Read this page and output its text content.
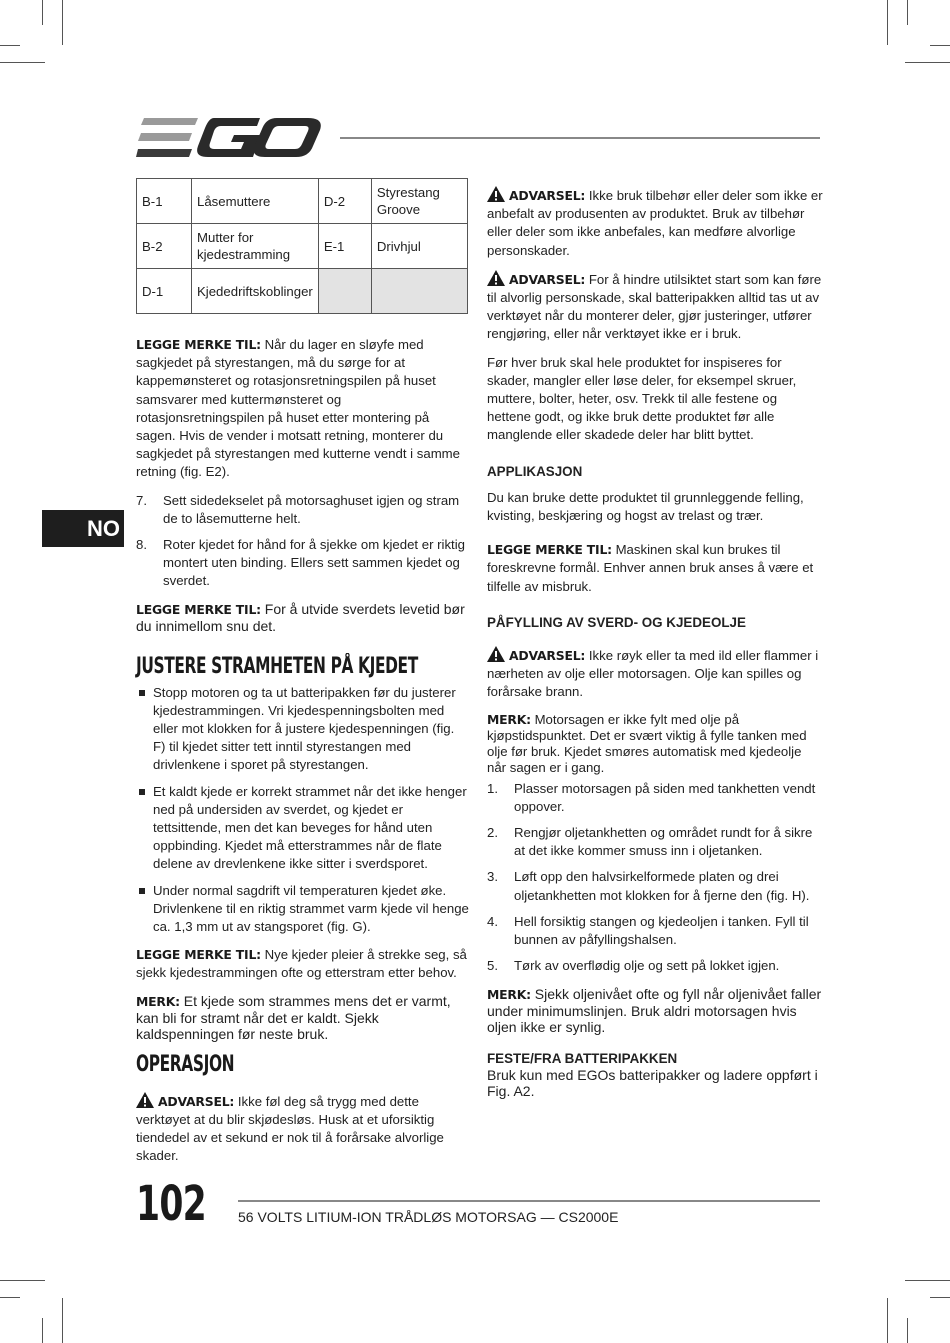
NO
B-1	Låsemuttere	D-2	Styrestang Groove
B-2	Mutter for kjedestramming	E-1	Drivhjul
D-1	Kjededriftskoblinger		

LEGGE MERKE TIL: Når du lager en sløyfe med sagkjedet på styrestangen, må du sørge for at kappemønsteret og rotasjonsretningspilen på huset samsvarer med kuttermønsteret og rotasjonsretningspilen på huset etter montering på sagen. Hvis de vender i motsatt retning, monterer du sagkjedet på styrestangen med kutterne vendt i samme retning (fig. E2).

7. Sett sidedekselet på motorsaghuset igjen og stram de to låsemutterne helt.
8. Roter kjedet for hånd for å sjekke om kjedet er riktig montert uten binding. Ellers sett sammen kjedet og sverdet.

LEGGE MERKE TIL: For å utvide sverdets levetid bør du innimellom snu det.

JUSTERE STRAMHETEN PÅ KJEDET
Stopp motoren og ta ut batteripakken før du justerer kjedestrammingen. Vri kjedespenningsbolten med eller mot klokken for å justere kjedespenningen (fig. F) til kjedet sitter tett inntil styrestangen med drivlenkene i sporet på styrestangen.
Et kaldt kjede er korrekt strammet når det ikke henger ned på undersiden av sverdet, og kjedet er tettsittende, men det kan beveges for hånd uten oppbinding. Kjedet må etterstrammes når de flate delene av drevlenkene ikke sitter i sverdsporet.
Under normal sagdrift vil temperaturen kjedet øke. Drivlenkene til en riktig strammet varm kjede vil henge ca. 1,3 mm ut av stangsporet (fig. G).

LEGGE MERKE TIL: Nye kjeder pleier å strekke seg, så sjekk kjedestrammingen ofte og etterstram etter behov.

MERK: Et kjede som strammes mens det er varmt, kan bli for stramt når det er kaldt. Sjekk kaldspenningen før neste bruk.

OPERASJON

ADVARSEL: Ikke føl deg så trygg med dette verktøyet at du blir skjødesløs. Husk at et uforsiktig tiendedel av et sekund er nok til å forårsake alvorlige skader.

ADVARSEL: Ikke bruk tilbehør eller deler som ikke er anbefalt av produsenten av produktet. Bruk av tilbehør eller deler som ikke anbefales, kan medføre alvorlige personskader.

ADVARSEL: For å hindre utilsiktet start som kan føre til alvorlig personskade, skal batteripakken alltid tas ut av verktøyet når du monterer deler, gjør justeringer, utfører rengjøring, eller når verktøyet ikke er i bruk.

Før hver bruk skal hele produktet for inspiseres for skader, mangler eller løse deler, for eksempel skruer, muttere, bolter, heter, osv. Trekk til alle festene og hettene godt, og ikke bruk dette produktet før alle manglende eller skadede deler har blitt byttet.

APPLIKASJON

Du kan bruke dette produktet til grunnleggende felling, kvisting, beskjæring og hogst av trelast og trær.

LEGGE MERKE TIL: Maskinen skal kun brukes til foreskrevne formål. Enhver annen bruk anses å være et tilfelle av misbruk.

PÅFYLLING AV SVERD- OG KJEDEOLJE

ADVARSEL: Ikke røyk eller ta med ild eller flammer i nærheten av olje eller motorsagen. Olje kan spilles og forårsake brann.

MERK: Motorsagen er ikke fylt med olje på kjøpstidspunktet. Det er svært viktig å fylle tanken med olje før bruk. Kjedet smøres automatisk med kjedeolje når sagen er i gang.

1. Plasser motorsagen på siden med tankhetten vendt oppover.
2. Rengjør oljetankhetten og området rundt for å sikre at det ikke kommer smuss inn i oljetanken.
3. Løft opp den halvsirkelformede platen og drei oljetankhetten mot klokken for å fjerne den (fig. H).
4. Hell forsiktig stangen og kjedeoljen i tanken. Fyll til bunnen av påfyllingshalsen.
5. Tørk av overflødig olje og sett på lokket igjen.

MERK: Sjekk oljenivået ofte og fyll når oljenivået faller under minimumslinjen. Bruk aldri motorsagen hvis oljen ikke er synlig.

FESTE/FRA BATTERIPAKKEN

Bruk kun med EGOs batteripakker og ladere oppført i Fig. A2.

102 56 VOLTS LITIUM-ION TRÅDLØS MOTORSAG — CS2000E
